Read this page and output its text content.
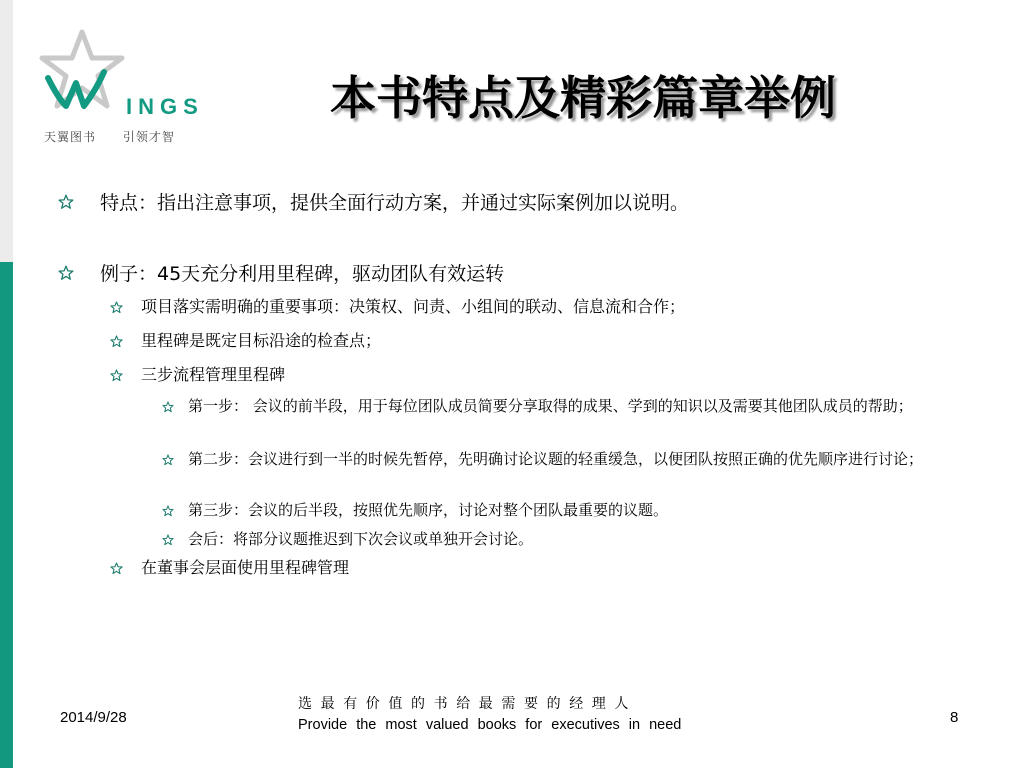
INGS
天翼图书 引领才智
本书特点及精彩篇章举例
特点：指出注意事项，提供全面行动方案，并通过实际案例加以说明。
例子：45天充分利用里程碑，驱动团队有效运转
项目落实需明确的重要事项：决策权、问责、小组间的联动、信息流和合作；
里程碑是既定目标沿途的检查点；
三步流程管理里程碑
第一步： 会议的前半段，用于每位团队成员简要分享取得的成果、学到的知识以及需要其他团队成员的帮助；
第二步：会议进行到一半的时候先暂停，先明确讨论议题的轻重缓急，以便团队按照正确的优先顺序进行讨论；
第三步：会议的后半段，按照优先顺序，讨论对整个团队最重要的议题。
会后：将部分议题推迟到下次会议或单独开会讨论。
在董事会层面使用里程碑管理
2014/9/28
选最有价值的书给最需要的经理人
Provide the most valued books for executives in need	8
